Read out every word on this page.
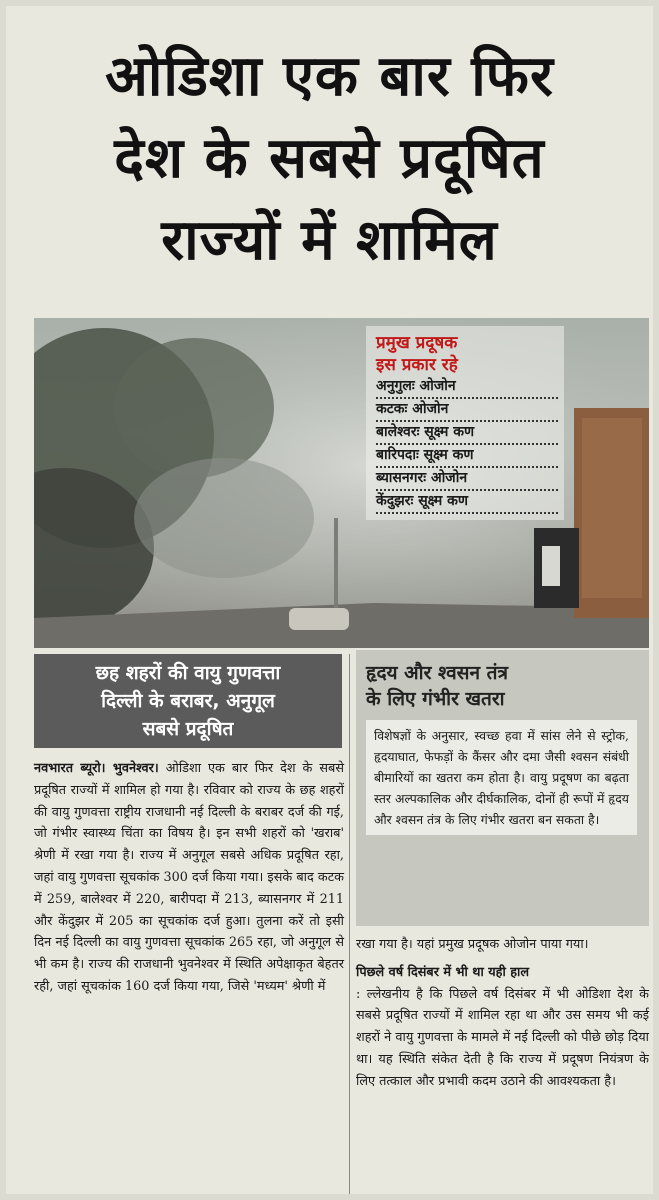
ओडिशा एक बार फिर
देश के सबसे प्रदूषित
राज्यों में शामिल
प्रमुख प्रदूषक
इस प्रकार रहे
अनुगुलः ओजोन
कटकः ओजोन
बालेश्वरः सूक्ष्म कण
बारिपदाः सूक्ष्म कण
ब्यासनगरः ओजोन
केंदुझरः सूक्ष्म कण
छह शहरों की वायु गुणवत्ता
दिल्ली के बराबर, अनुगूल
सबसे प्रदूषित
हृदय और श्वसन तंत्र
के लिए गंभीर खतरा
विशेषज्ञों के अनुसार, स्वच्छ हवा में सांस लेने से स्ट्रोक, हृदयाघात, फेफड़ों के कैंसर और दमा जैसी श्वसन संबंधी बीमारियों का खतरा कम होता है। वायु प्रदूषण का बढ़ता स्तर अल्पकालिक और दीर्घकालिक, दोनों ही रूपों में हृदय और श्वसन तंत्र के लिए गंभीर खतरा बन सकता है।
नवभारत ब्यूरो। भुवनेश्वर। ओडिशा एक बार फिर देश के सबसे प्रदूषित राज्यों में शामिल हो गया है। रविवार को राज्य के छह शहरों की वायु गुणवत्ता राष्ट्रीय राजधानी नई दिल्ली के बराबर दर्ज की गई, जो गंभीर स्वास्थ्य चिंता का विषय है। इन सभी शहरों को 'खराब' श्रेणी में रखा गया है। राज्य में अनुगूल सबसे अधिक प्रदूषित रहा, जहां वायु गुणवत्ता सूचकांक 300 दर्ज किया गया। इसके बाद कटक में 259, बालेश्वर में 220, बारीपदा में 213, ब्यासनगर में 211 और केंदुझर में 205 का सूचकांक दर्ज हुआ। तुलना करें तो इसी दिन नई दिल्ली का वायु गुणवत्ता सूचकांक 265 रहा, जो अनुगूल से भी कम है। राज्य की राजधानी भुवनेश्वर में स्थिति अपेक्षाकृत बेहतर रही, जहां सूचकांक 160 दर्ज किया गया, जिसे 'मध्यम' श्रेणी में
रखा गया है। यहां प्रमुख प्रदूषक ओजोन पाया गया।
पिछले वर्ष दिसंबर में भी था यही हाल
: ल्लेखनीय है कि पिछले वर्ष दिसंबर में भी ओडिशा देश के सबसे प्रदूषित राज्यों में शामिल रहा था और उस समय भी कई शहरों ने वायु गुणवत्ता के मामले में नई दिल्ली को पीछे छोड़ दिया था। यह स्थिति संकेत देती है कि राज्य में प्रदूषण नियंत्रण के लिए तत्काल और प्रभावी कदम उठाने की आवश्यकता है।
